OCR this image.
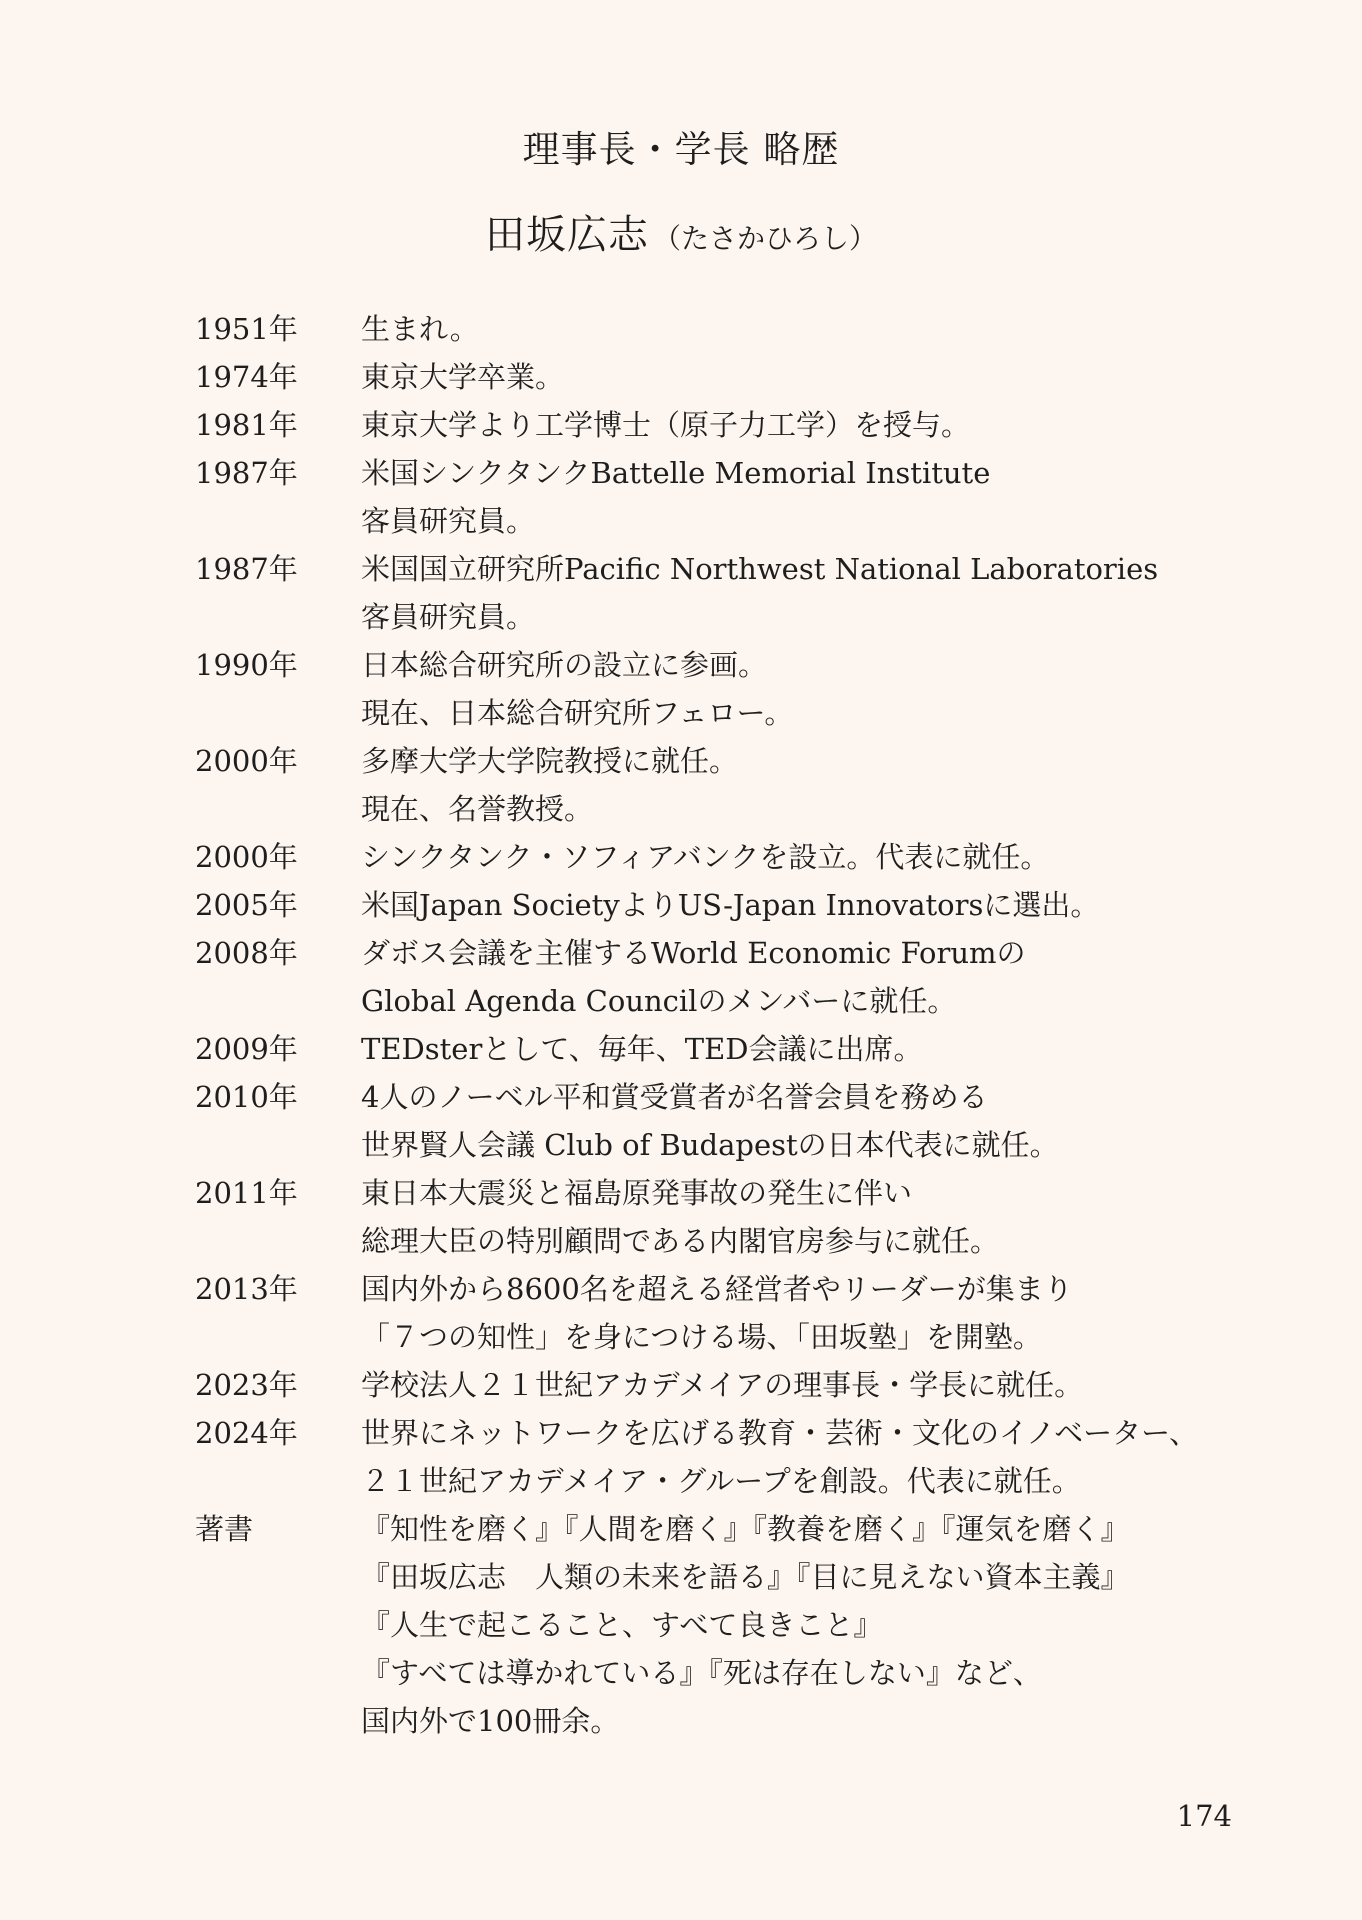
理事長・学長 略歴
田坂広志 （たさかひろし）
1951年	生まれ。
1974年	東京大学卒業。
1981年	東京大学より工学博士（原子力工学）を授与。
1987年	米国シンクタンクBattelle Memorial Institute
客員研究員。
1987年	米国国立研究所Pacific Northwest National Laboratories
客員研究員。
1990年	日本総合研究所の設立に参画。
現在、日本総合研究所フェロー。
2000年	多摩大学大学院教授に就任。
現在、名誉教授。
2000年	シンクタンク・ソフィアバンクを設立。代表に就任。
2005年	米国Japan SocietyよりUS-Japan Innovatorsに選出。
2008年	ダボス会議を主催するWorld Economic Forumの
Global Agenda Councilのメンバーに就任。
2009年	TEDsterとして、毎年、TED会議に出席。
2010年	4人のノーベル平和賞受賞者が名誉会員を務める
世界賢人会議 Club of Budapestの日本代表に就任。
2011年	東日本大震災と福島原発事故の発生に伴い
総理大臣の特別顧問である内閣官房参与に就任。
2013年	国内外から8600名を超える経営者やリーダーが集まり
「７つの知性」を身につける場、「田坂塾」を開塾。
2023年	学校法人２１世紀アカデメイアの理事長・学長に就任。
2024年	世界にネットワークを広げる教育・芸術・文化のイノベーター、
２１世紀アカデメイア・グループを創設。代表に就任。
著書	『知性を磨く』『人間を磨く』『教養を磨く』『運気を磨く』
『田坂広志　人類の未来を語る』『目に見えない資本主義』
『人生で起こること、すべて良きこと』
『すべては導かれている』『死は存在しない』など、
国内外で100冊余。
174
